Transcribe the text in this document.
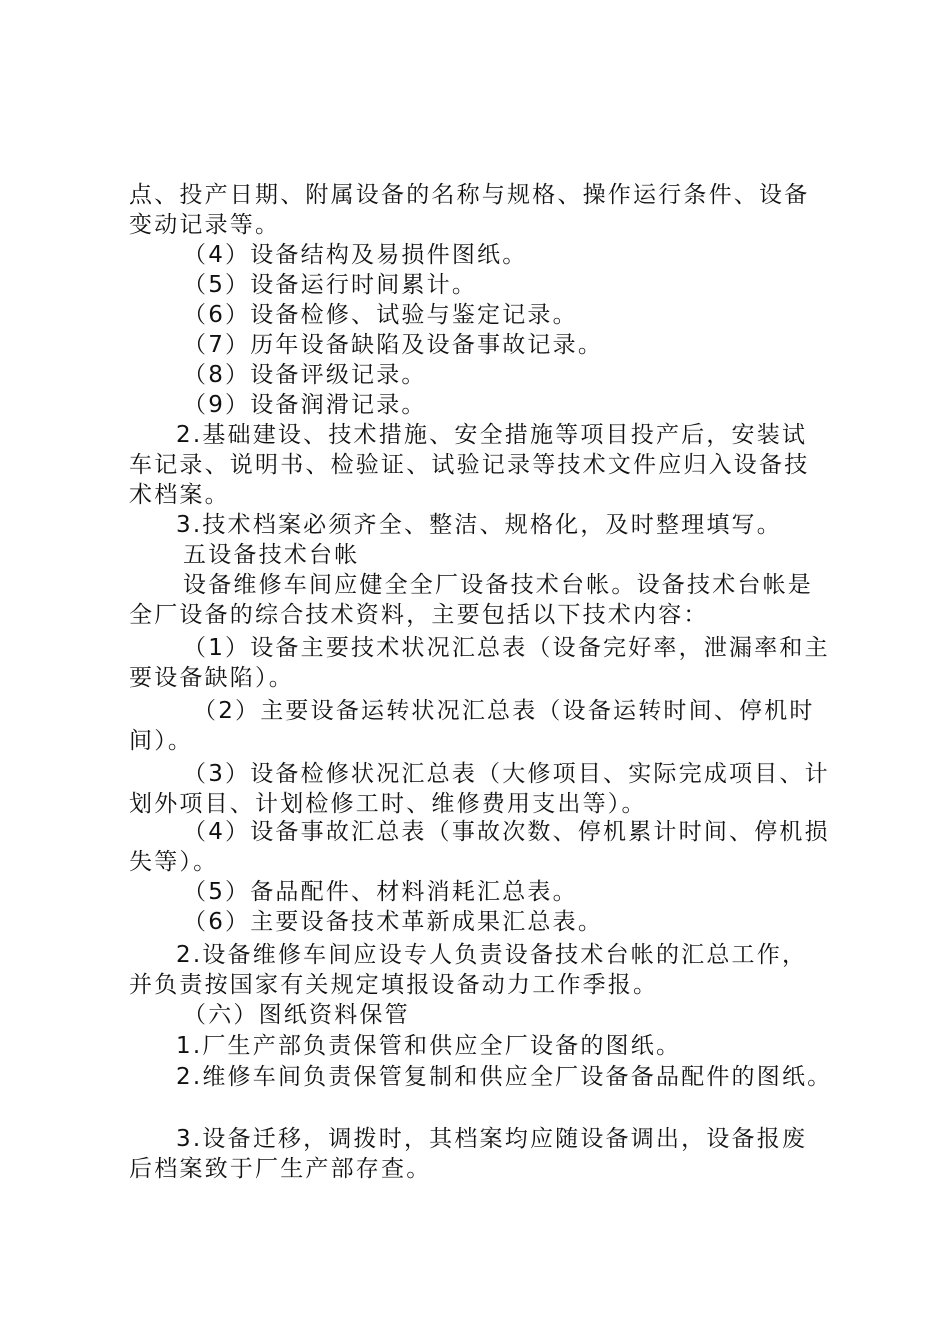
点、投产日期、附属设备的名称与规格、操作运行条件、设备
变动记录等。
（4）设备结构及易损件图纸。
（5）设备运行时间累计。
（6）设备检修、试验与鉴定记录。
（7）历年设备缺陷及设备事故记录。
（8）设备评级记录。
（9）设备润滑记录。
2.基础建设、技术措施、安全措施等项目投产后，安装试
车记录、说明书、检验证、试验记录等技术文件应归入设备技
术档案。
3.技术档案必须齐全、整洁、规格化，及时整理填写。
五设备技术台帐
设备维修车间应健全全厂设备技术台帐。设备技术台帐是
全厂设备的综合技术资料，主要包括以下技术内容：
（1）设备主要技术状况汇总表（设备完好率，泄漏率和主
要设备缺陷）。
（2）主要设备运转状况汇总表（设备运转时间、停机时
间）。
（3）设备检修状况汇总表（大修项目、实际完成项目、计
划外项目、计划检修工时、维修费用支出等）。
（4）设备事故汇总表（事故次数、停机累计时间、停机损
失等）。
（5）备品配件、材料消耗汇总表。
（6）主要设备技术革新成果汇总表。
2.设备维修车间应设专人负责设备技术台帐的汇总工作，
并负责按国家有关规定填报设备动力工作季报。
（六）图纸资料保管
1.厂生产部负责保管和供应全厂设备的图纸。
2.维修车间负责保管复制和供应全厂设备备品配件的图纸。
3.设备迁移，调拨时，其档案均应随设备调出，设备报废
后档案致于厂生产部存查。
